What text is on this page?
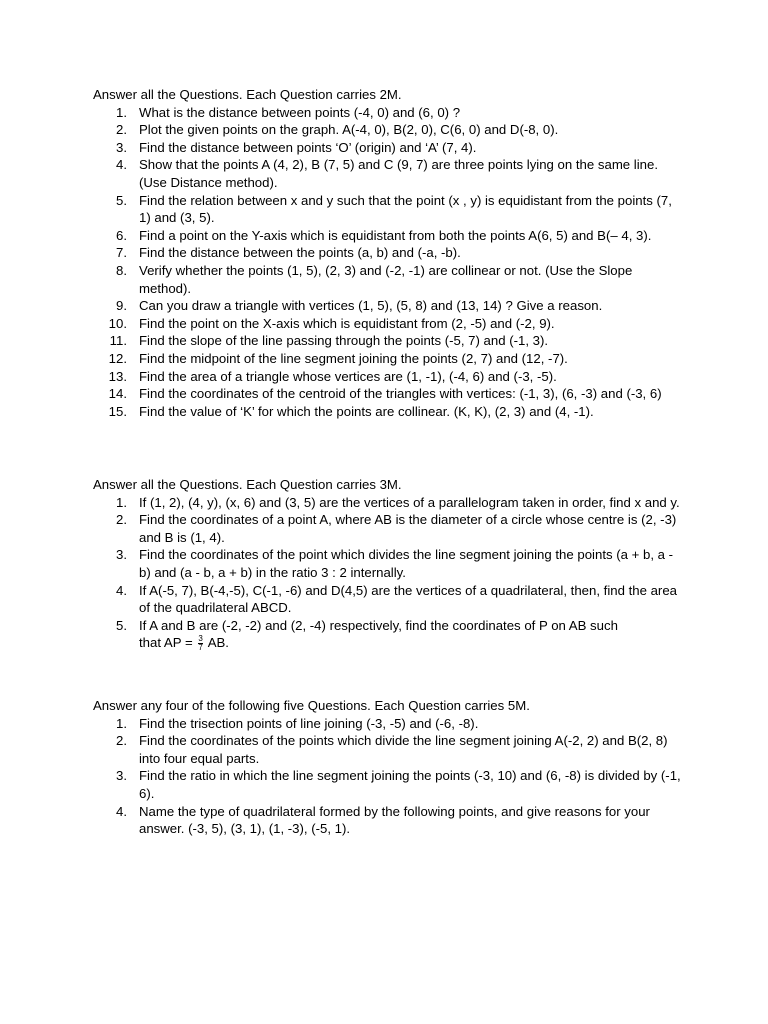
Answer all the Questions. Each Question carries 2M.

1. What is the distance between points (-4, 0) and (6, 0) ?
2. Plot the given points on the graph. A(-4, 0), B(2, 0), C(6, 0) and D(-8, 0).
3. Find the distance between points ‘O’ (origin) and ‘A’ (7, 4).
4. Show that the points A (4, 2), B (7, 5) and C (9, 7) are three points lying on the same line. (Use Distance method).
5. Find the relation between x and y such that the point (x , y) is equidistant from the points (7, 1) and (3, 5).
6. Find a point on the Y-axis which is equidistant from both the points A(6, 5) and B(– 4, 3).
7. Find the distance between the points (a, b) and (-a, -b).
8. Verify whether the points (1, 5), (2, 3) and (-2, -1) are collinear or not. (Use the Slope method).
9. Can you draw a triangle with vertices (1, 5), (5, 8) and (13, 14) ? Give a reason.
10. Find the point on the X-axis which is equidistant from (2, -5) and (-2, 9).
11. Find the slope of the line passing through the points (-5, 7) and (-1, 3).
12. Find the midpoint of the line segment joining the points (2, 7) and (12, -7).
13. Find the area of a triangle whose vertices are (1, -1), (-4, 6) and (-3, -5).
14. Find the coordinates of the centroid of the triangles with vertices: (-1, 3), (6, -3) and (-3, 6)
15. Find the value of ‘K’ for which the points are collinear. (K, K), (2, 3) and (4, -1).

Answer all the Questions. Each Question carries 3M.

1. If (1, 2), (4, y), (x, 6) and (3, 5) are the vertices of a parallelogram taken in order, find x and y.
2. Find the coordinates of a point A, where AB is the diameter of a circle whose centre is (2, -3) and B is (1, 4).
3. Find the coordinates of the point which divides the line segment joining the points (a + b, a - b) and (a - b, a + b) in the ratio 3 : 2 internally.
4. If A(-5, 7), B(-4,-5), C(-1, -6) and D(4,5) are the vertices of a quadrilateral, then, find the area of the quadrilateral ABCD.
5. If A and B are (-2, -2) and (2, -4) respectively, find the coordinates of P on AB such
that AP = $\frac{3}{7}$ AB.

Answer any four of the following five Questions. Each Question carries 5M.

1. Find the trisection points of line joining (-3, -5) and (-6, -8).
2. Find the coordinates of the points which divide the line segment joining A(-2, 2) and B(2, 8) into four equal parts.
3. Find the ratio in which the line segment joining the points (-3, 10) and (6, -8) is divided by (-1, 6).
4. Name the type of quadrilateral formed by the following points, and give reasons for your answer. (-3, 5), (3, 1), (1, -3), (-5, 1).
